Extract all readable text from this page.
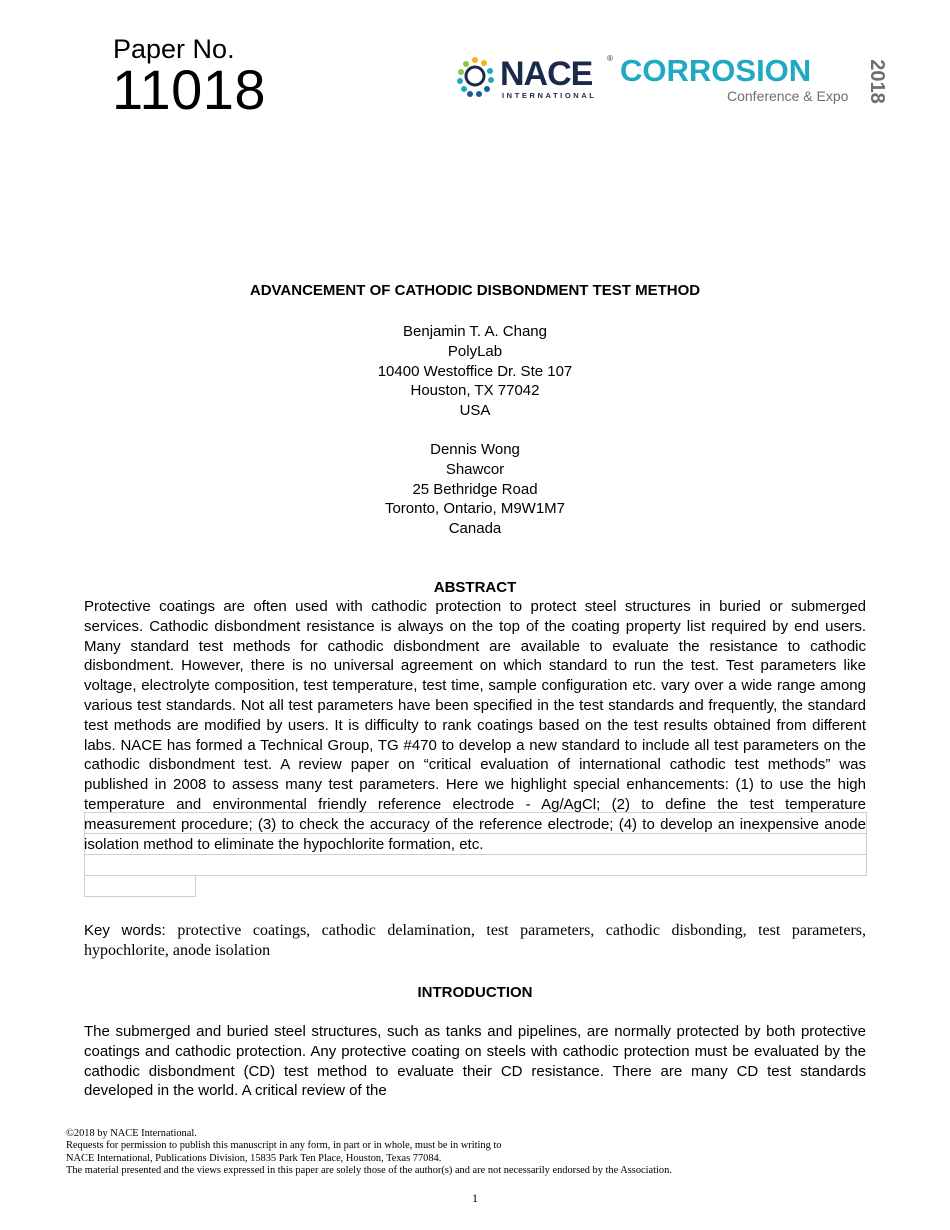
Paper No.
11018	NACE ®
INTERNATIONAL
CORROSION
Conference & Expo 2018
ADVANCEMENT OF CATHODIC DISBONDMENT TEST METHOD
Benjamin T. A. Chang
PolyLab
10400 Westoffice Dr. Ste 107
Houston, TX 77042
USA
Dennis Wong
Shawcor
25 Bethridge Road
Toronto, Ontario, M9W1M7
Canada
ABSTRACT
Protective coatings are often used with cathodic protection to protect steel structures in buried or submerged services. Cathodic disbondment resistance is always on the top of the coating property list required by end users. Many standard test methods for cathodic disbondment are available to evaluate the resistance to cathodic disbondment. However, there is no universal agreement on which standard to run the test. Test parameters like voltage, electrolyte composition, test temperature, test time, sample configuration etc. vary over a wide range among various test standards. Not all test parameters have been specified in the test standards and frequently, the standard test methods are modified by users. It is difficulty to rank coatings based on the test results obtained from different labs. NACE has formed a Technical Group, TG #470 to develop a new standard to include all test parameters on the cathodic disbondment test. A review paper on “critical evaluation of international cathodic test methods” was published in 2008 to assess many test parameters. Here we highlight special enhancements: (1) to use the high temperature and environmental friendly reference electrode - Ag/AgCl; (2) to define the test temperature measurement procedure; (3) to check the accuracy of the reference electrode; (4) to develop an inexpensive anode isolation method to eliminate the hypochlorite formation, etc.
Key words: protective coatings, cathodic delamination, test parameters, cathodic disbonding, test parameters, hypochlorite, anode isolation
INTRODUCTION
The submerged and buried steel structures, such as tanks and pipelines, are normally protected by both protective coatings and cathodic protection. Any protective coating on steels with cathodic protection must be evaluated by the cathodic disbondment (CD) test method to evaluate their CD resistance. There are many CD test standards developed in the world. A critical review of the
©2018 by NACE International.
Requests for permission to publish this manuscript in any form, in part or in whole, must be in writing to
NACE International, Publications Division, 15835 Park Ten Place, Houston, Texas 77084.
The material presented and the views expressed in this paper are solely those of the author(s) and are not necessarily endorsed by the Association.
1
